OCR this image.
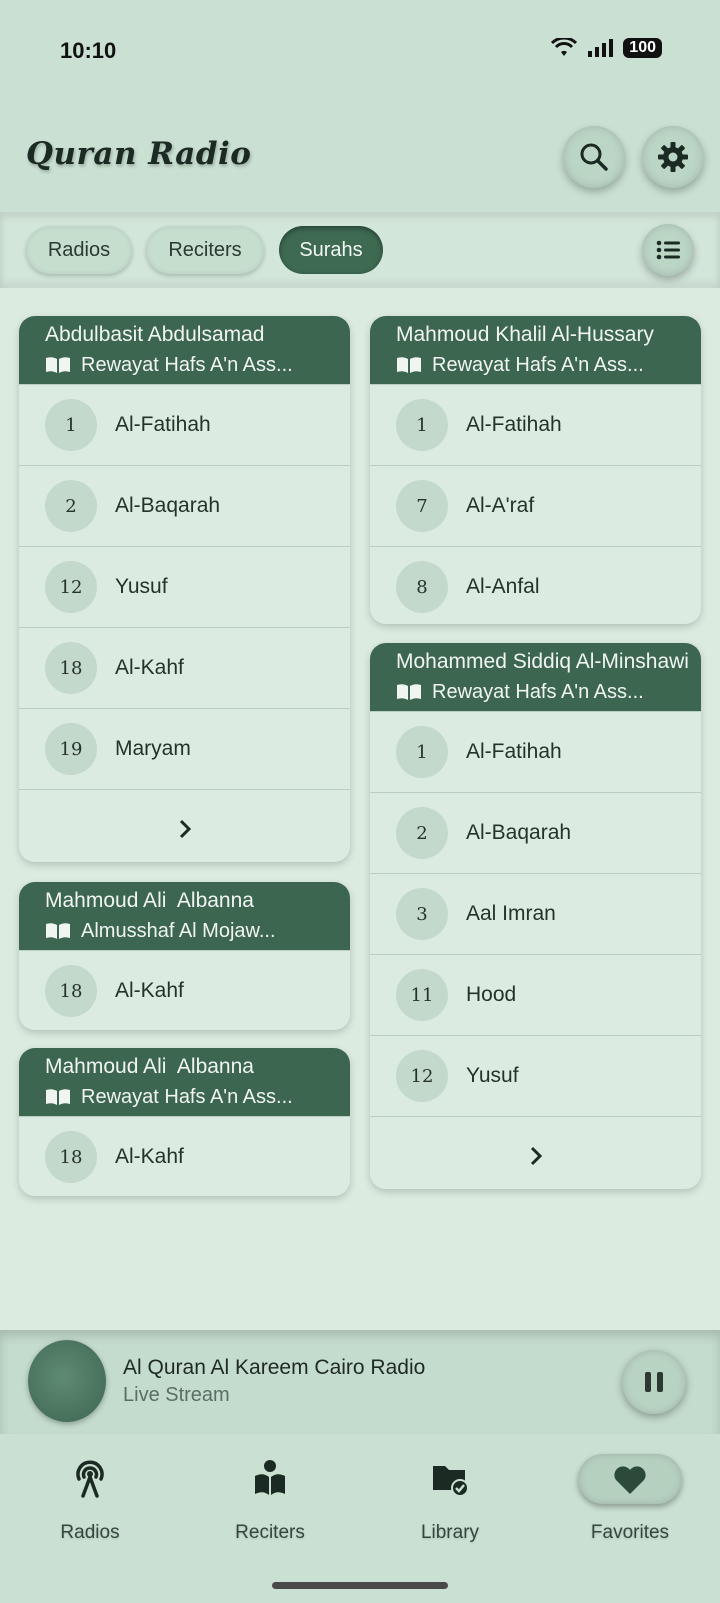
10:10	100
Quran Radio
Radios	Reciters	Surahs
Abdulbasit Abdulsamad
Rewayat Hafs A'n Ass...
1	Al-Fatihah
2	Al-Baqarah
12	Yusuf
18	Al-Kahf
19	Maryam
Mahmoud Ali  Albanna
Almusshaf Al Mojaw...
18	Al-Kahf
Mahmoud Ali  Albanna
Rewayat Hafs A'n Ass...
18	Al-Kahf
Mahmoud Khalil Al-Hussary
Rewayat Hafs A'n Ass...
1	Al-Fatihah
7	Al-A'raf
8	Al-Anfal
Mohammed Siddiq Al-Minshawi
Rewayat Hafs A'n Ass...
1	Al-Fatihah
2	Al-Baqarah
3	Aal Imran
11	Hood
12	Yusuf
Al Quran Al Kareem Cairo Radio
Live Stream
Radios	Reciters	Library	Favorites
